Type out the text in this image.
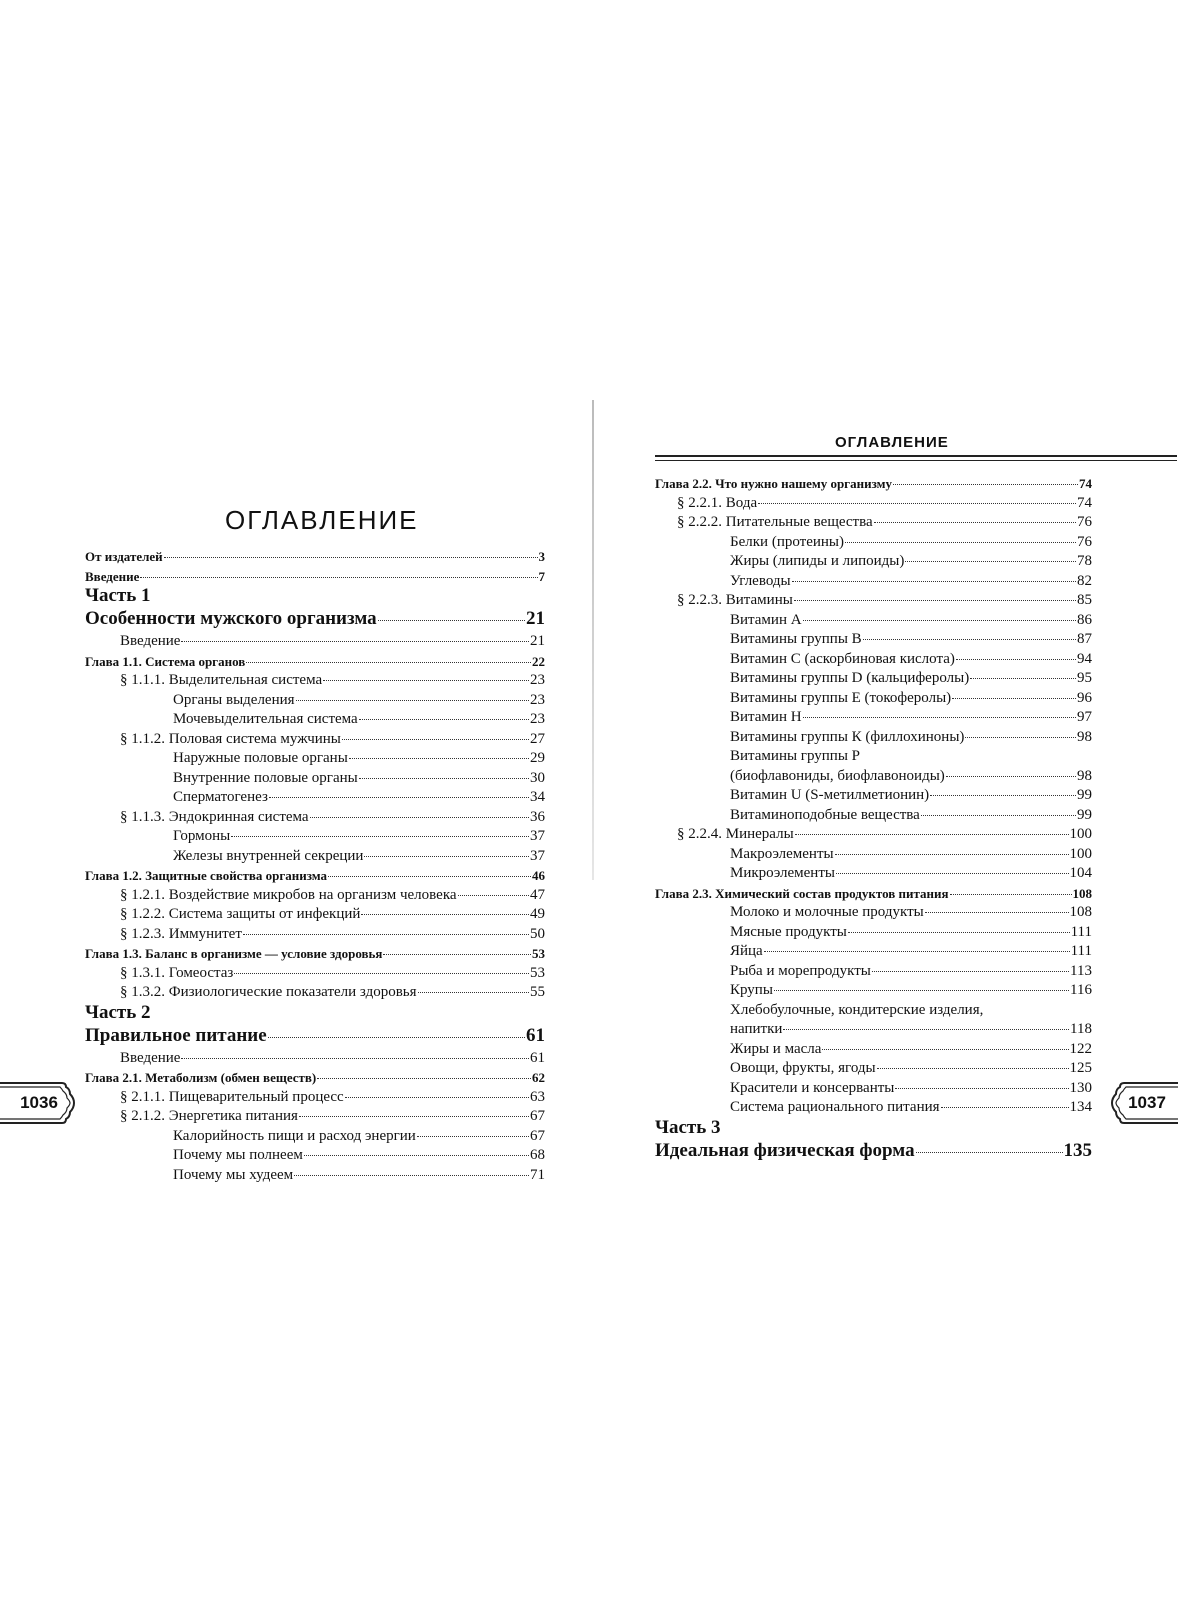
ОГЛАВЛЕНИЕ
От издателей	3
Введение	7
Часть 1
Особенности мужского организма	21
Введение	21
Глава 1.1. Система органов	22
§ 1.1.1. Выделительная система	23
Органы выделения	23
Мочевыделительная система	23
§ 1.1.2. Половая система мужчины	27
Наружные половые органы	29
Внутренние половые органы	30
Сперматогенез	34
§ 1.1.3. Эндокринная система	36
Гормоны	37
Железы внутренней секреции	37
Глава 1.2. Защитные свойства организма	46
§ 1.2.1. Воздействие микробов на организм человека	47
§ 1.2.2. Система защиты от инфекций	49
§ 1.2.3. Иммунитет	50
Глава 1.3. Баланс в организме — условие здоровья	53
§ 1.3.1. Гомеостаз	53
§ 1.3.2. Физиологические показатели здоровья	55
Часть 2
Правильное питание	61
Введение	61
Глава 2.1. Метаболизм (обмен веществ)	62
§ 2.1.1. Пищеварительный процесс	63
§ 2.1.2. Энергетика питания	67
Калорийность пищи и расход энергии	67
Почему мы полнеем	68
Почему мы худеем	71
1036
ОГЛАВЛЕНИЕ
Глава 2.2. Что нужно нашему организму	74
§ 2.2.1. Вода	74
§ 2.2.2. Питательные вещества	76
Белки (протеины)	76
Жиры (липиды и липоиды)	78
Углеводы	82
§ 2.2.3. Витамины	85
Витамин А	86
Витамины группы В	87
Витамин С (аскорбиновая кислота)	94
Витамины группы D (кальциферолы)	95
Витамины группы Е (токоферолы)	96
Витамин Н	97
Витамины группы К (филлохиноны)	98
Витамины группы Р
(биофлавониды, биофлавоноиды)	98
Витамин U (S-метилметионин)	99
Витаминоподобные вещества	99
§ 2.2.4. Минералы	100
Макроэлементы	100
Микроэлементы	104
Глава 2.3. Химический состав продуктов питания	108
Молоко и молочные продукты	108
Мясные продукты	111
Яйца	111
Рыба и морепродукты	113
Крупы	116
Хлебобулочные, кондитерские изделия,
напитки	118
Жиры и масла	122
Овощи, фрукты, ягоды	125
Красители и консерванты	130
Система рационального питания	134
Часть 3
Идеальная физическая форма	135
1037
